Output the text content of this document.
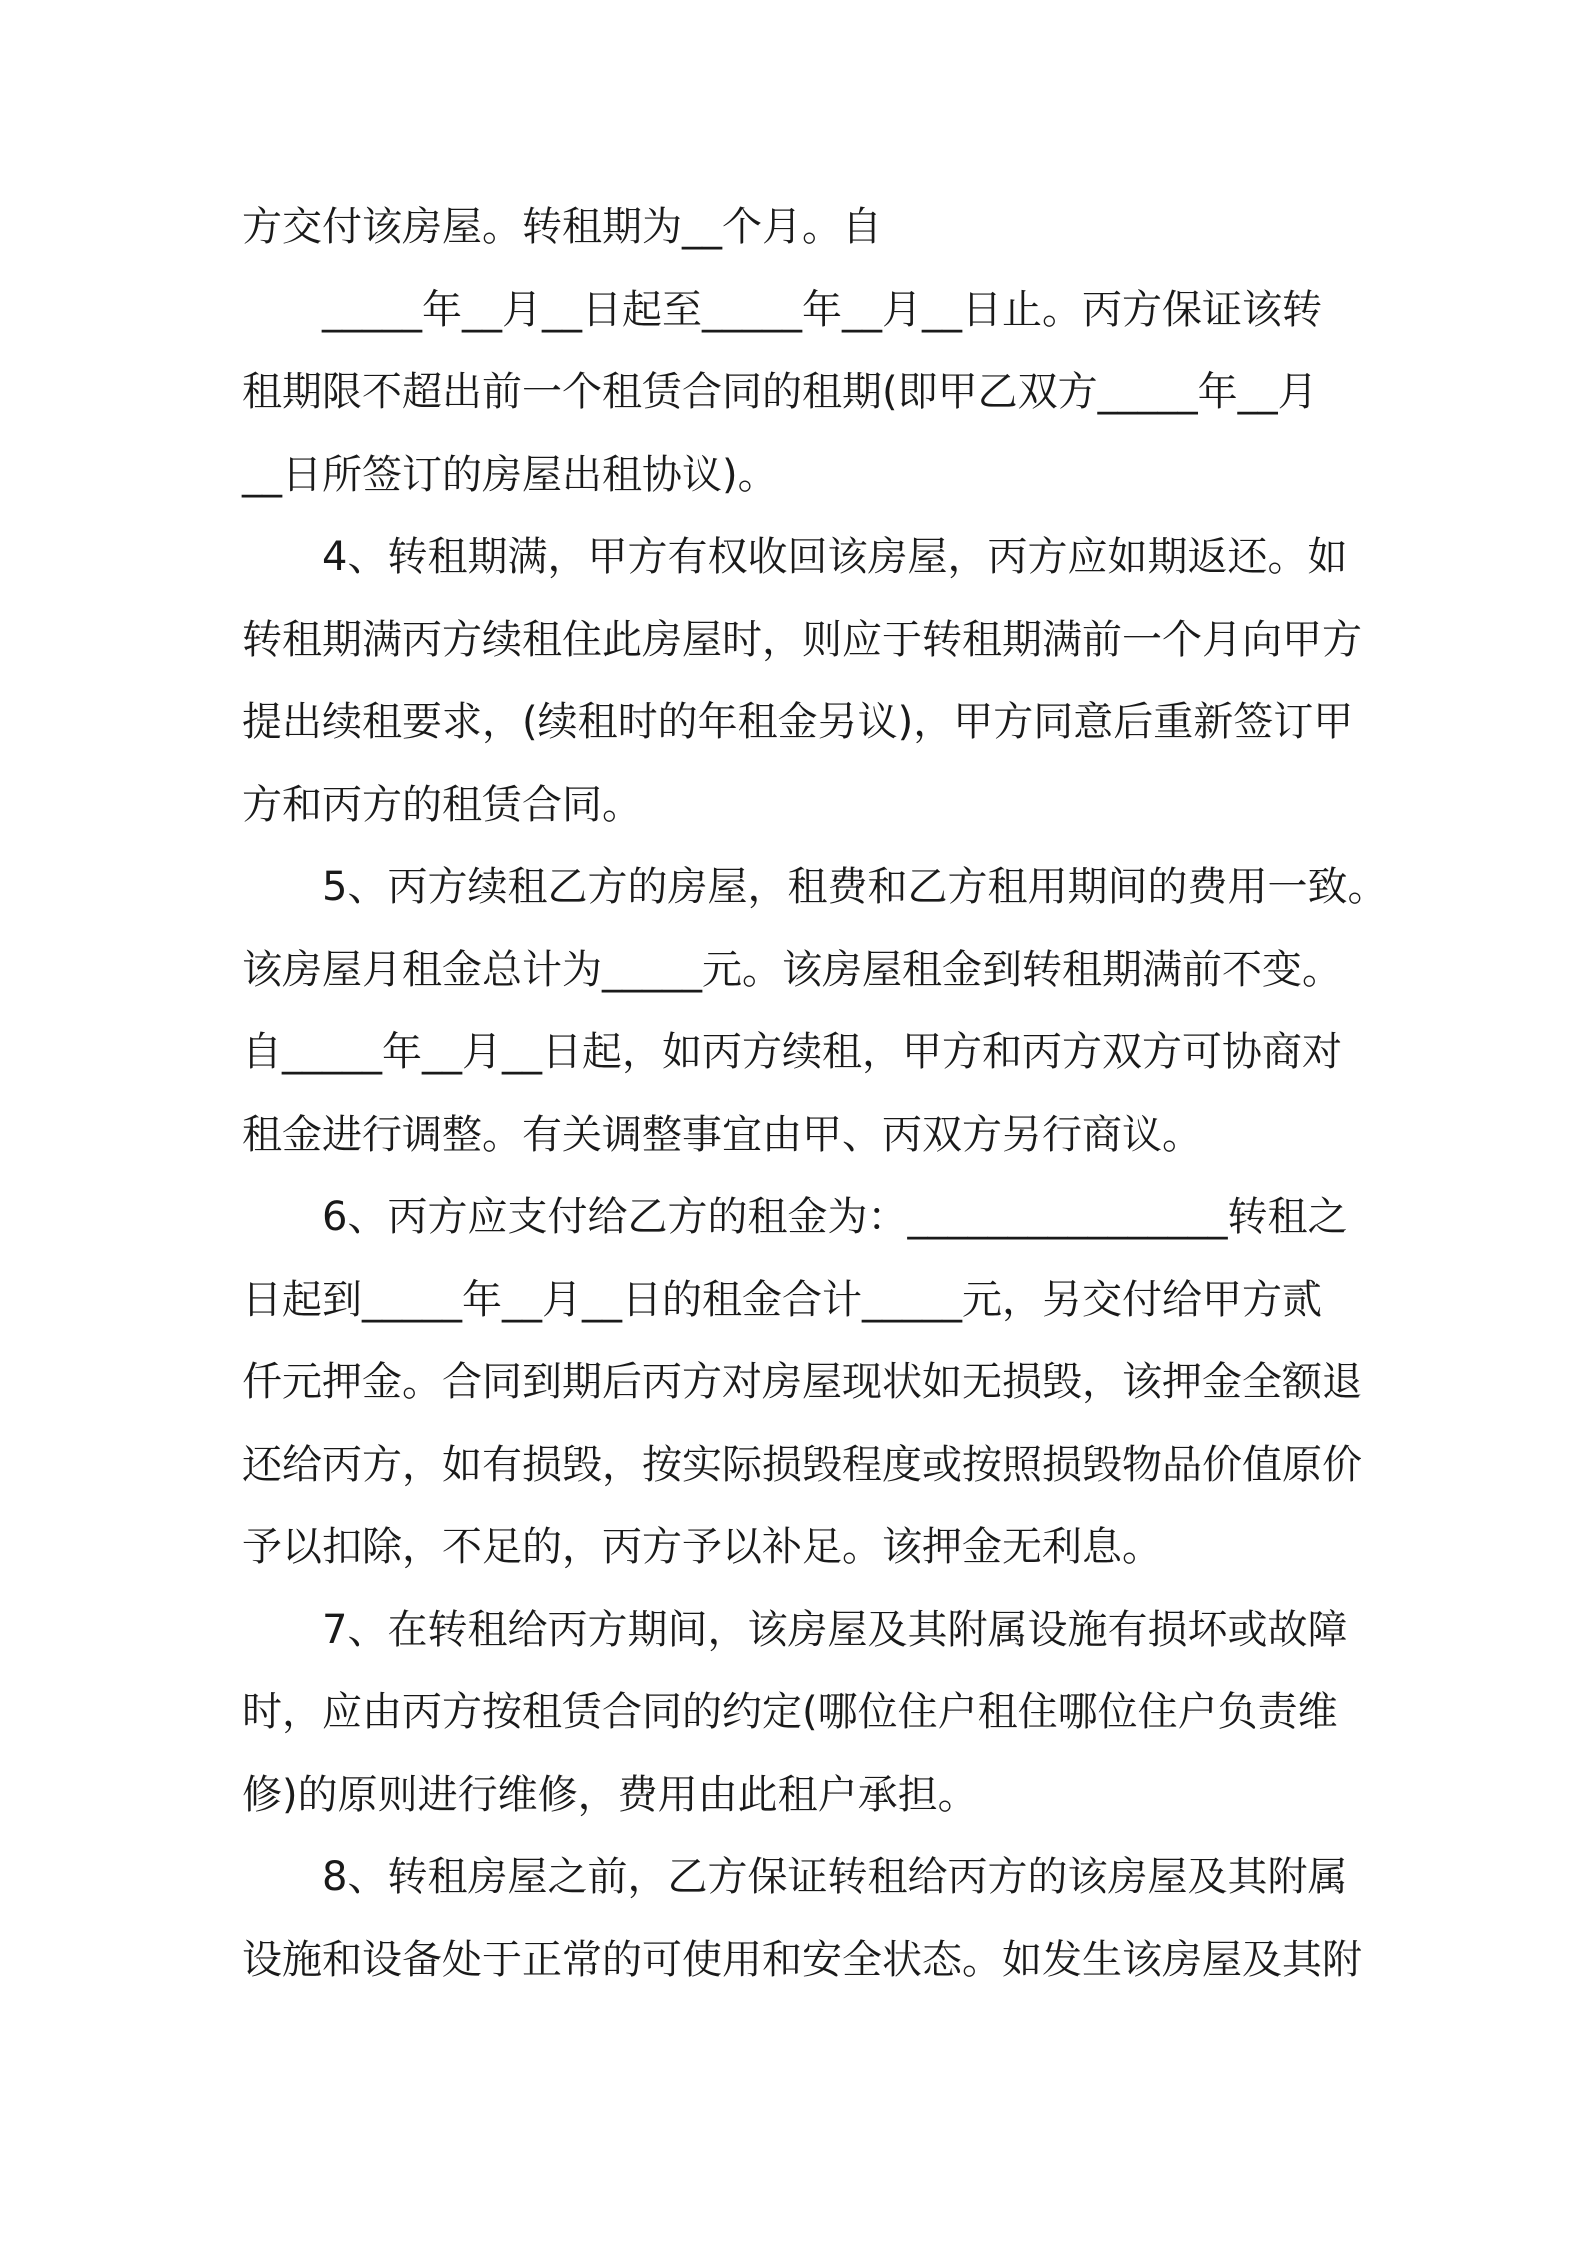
方交付该房屋。转租期为__个月。自
_____年__月__日起至_____年__月__日止。丙方保证该转
租期限不超出前一个租赁合同的租期(即甲乙双方_____年__月
__日所签订的房屋出租协议)。
4、转租期满，甲方有权收回该房屋，丙方应如期返还。如
转租期满丙方续租住此房屋时，则应于转租期满前一个月向甲方
提出续租要求，(续租时的年租金另议)，甲方同意后重新签订甲
方和丙方的租赁合同。
5、丙方续租乙方的房屋，租费和乙方租用期间的费用一致。
该房屋月租金总计为_____元。该房屋租金到转租期满前不变。
自_____年__月__日起，如丙方续租，甲方和丙方双方可协商对
租金进行调整。有关调整事宜由甲、丙双方另行商议。
6、丙方应支付给乙方的租金为：________________转租之
日起到_____年__月__日的租金合计_____元，另交付给甲方贰
仟元押金。合同到期后丙方对房屋现状如无损毁，该押金全额退
还给丙方，如有损毁，按实际损毁程度或按照损毁物品价值原价
予以扣除，不足的，丙方予以补足。该押金无利息。
7、在转租给丙方期间，该房屋及其附属设施有损坏或故障
时，应由丙方按租赁合同的约定(哪位住户租住哪位住户负责维
修)的原则进行维修，费用由此租户承担。
8、转租房屋之前，乙方保证转租给丙方的该房屋及其附属
设施和设备处于正常的可使用和安全状态。如发生该房屋及其附
